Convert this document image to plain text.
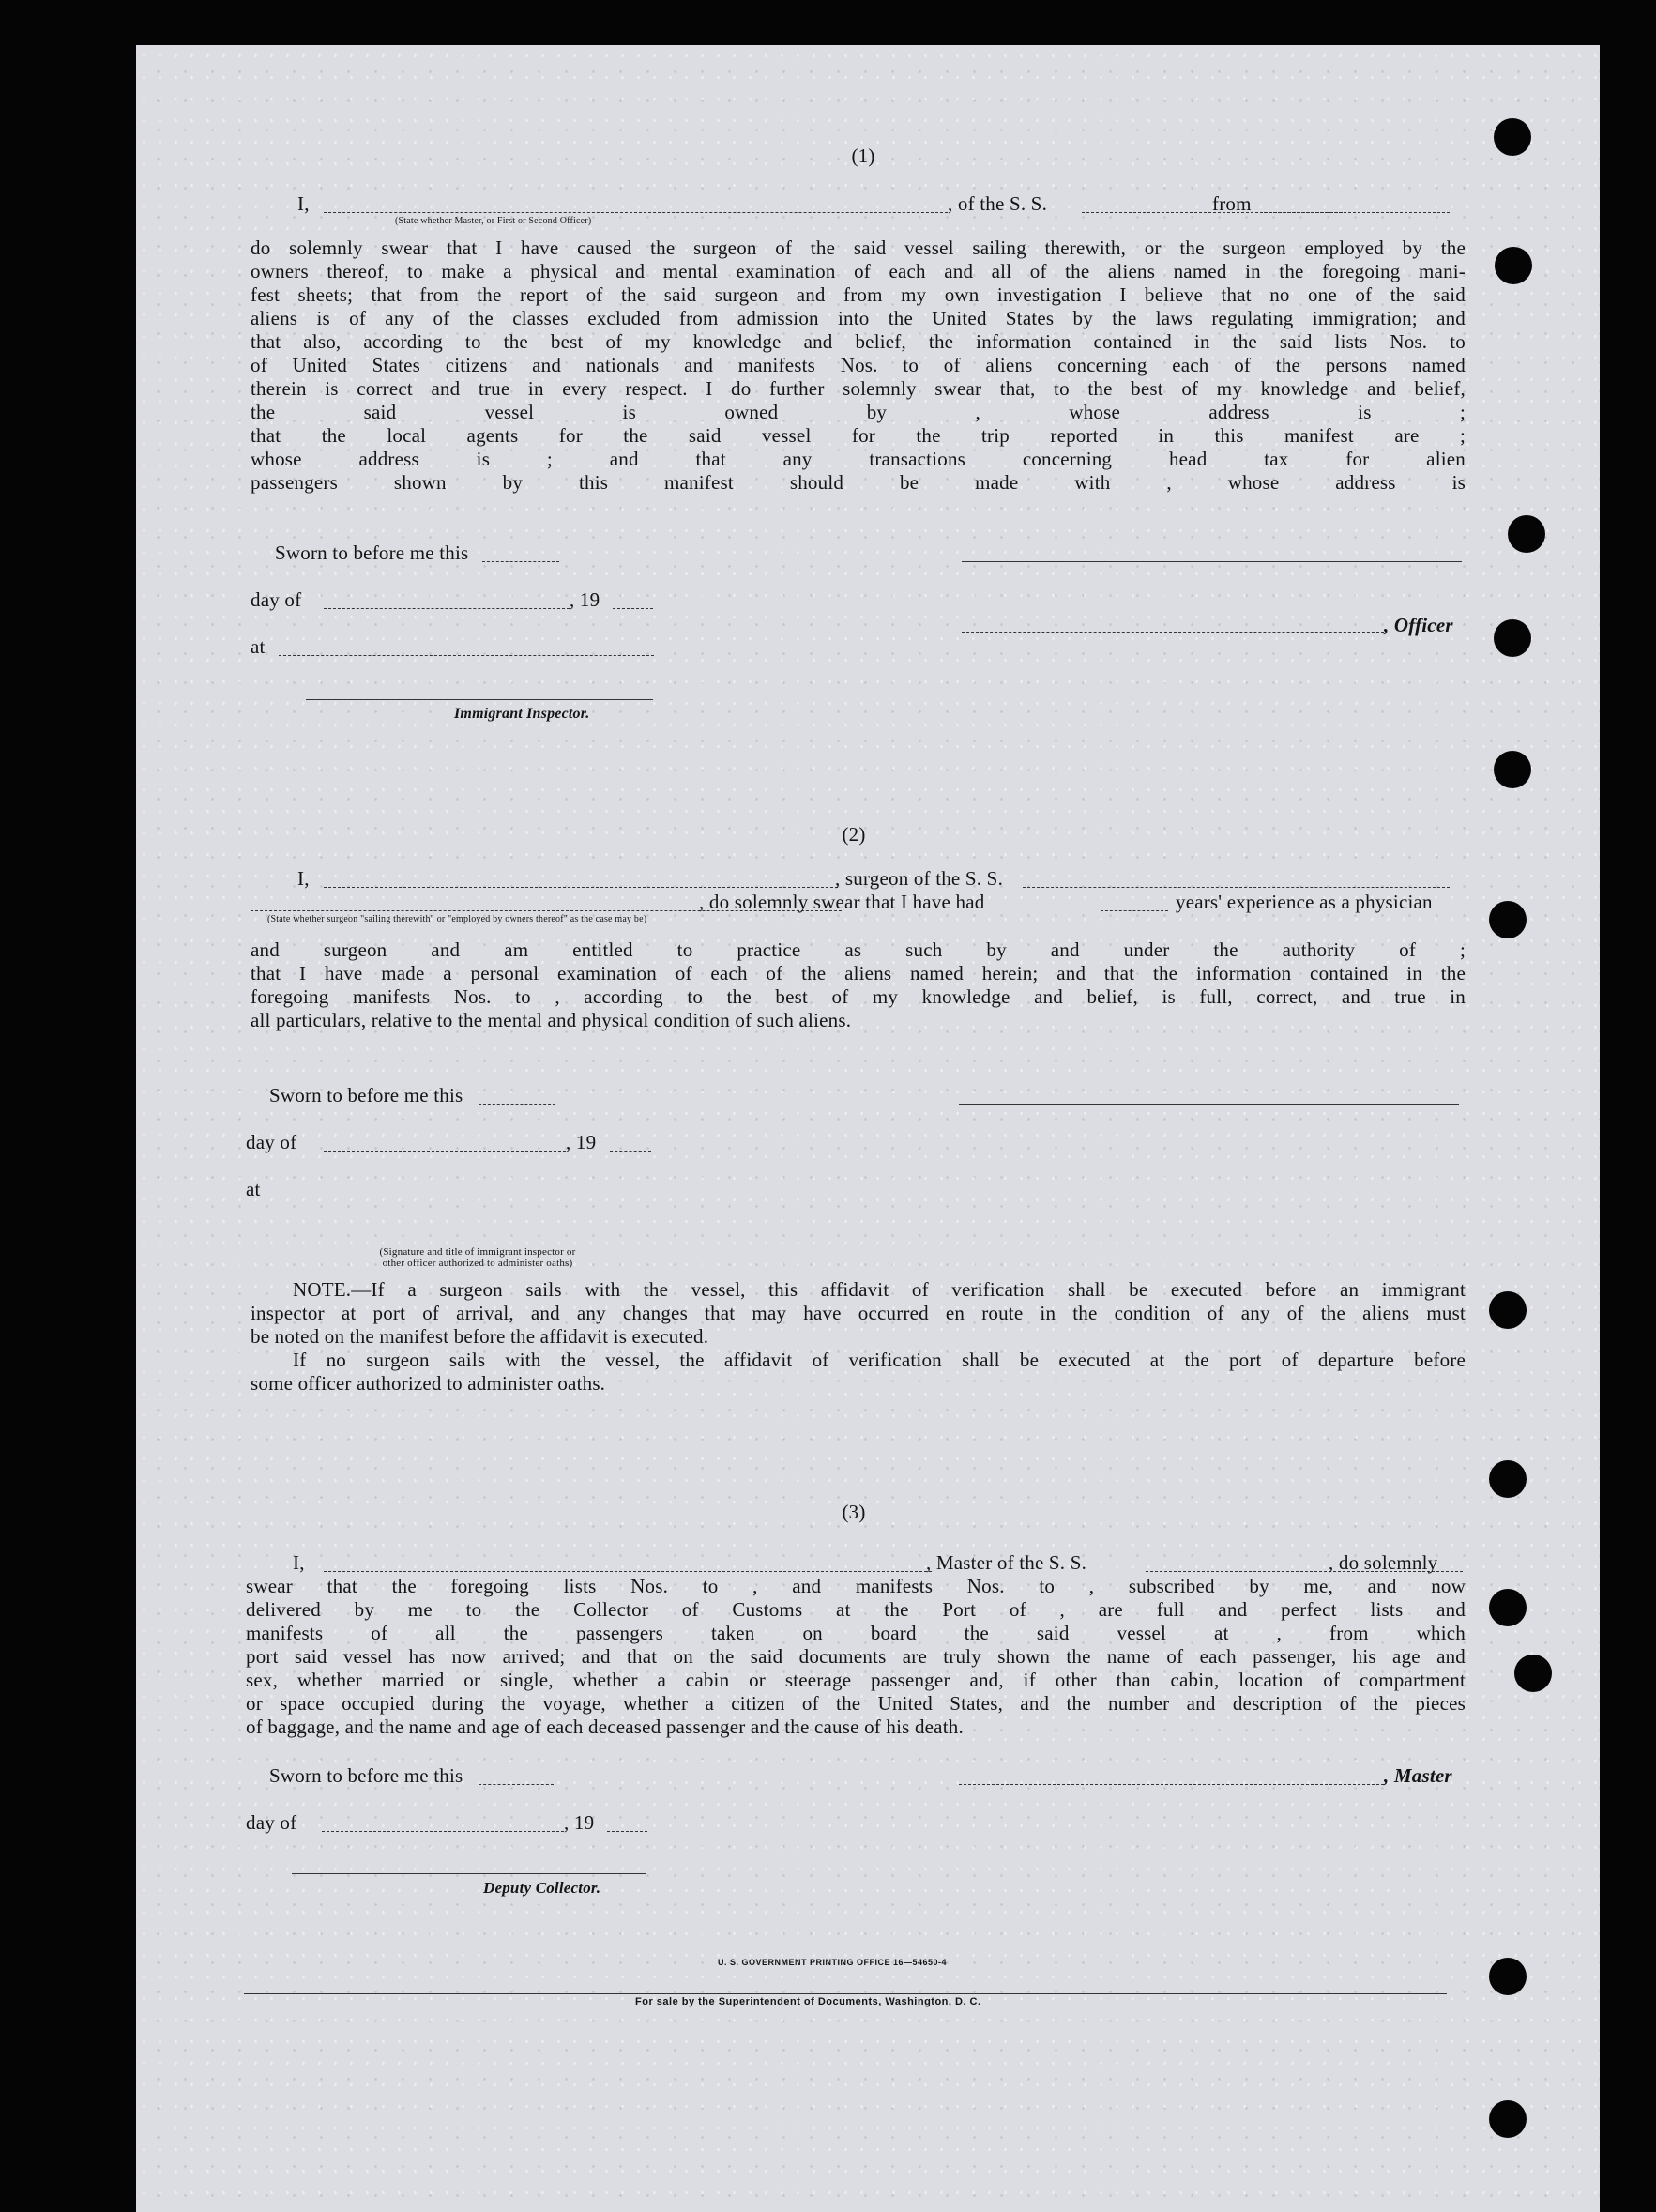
(1)
I,	, of the S. S.	from
(State whether Master, or First or Second Officer)
do solemnly swear that I have caused the surgeon of the said vessel sailing therewith, or the surgeon employed by the
owners thereof, to make a physical and mental examination of each and all of the aliens named in the foregoing mani-
fest sheets; that from the report of the said surgeon and from my own investigation I believe that no one of the said
aliens is of any of the classes excluded from admission into the United States by the laws regulating immigration; and
that also, according to the best of my knowledge and belief, the information contained in the said lists Nos. to
of United States citizens and nationals and manifests Nos. to of aliens concerning each of the persons named
therein is correct and true in every respect. I do further solemnly swear that, to the best of my knowledge and belief,
the said vessel is owned by , whose address is ;
that the local agents for the said vessel for the trip reported in this manifest are ;
whose address is ; and that any transactions concerning head tax for alien
passengers shown by this manifest should be made with , whose address is
Sworn to before me this
day of	, 19
, Officer
at
Immigrant Inspector.
(2)
I,	, surgeon of the S. S.
, do solemnly swear that I have had	years' experience as a physician
(State whether surgeon "sailing therewith" or "employed by owners thereof" as the case may be)
and surgeon and am entitled to practice as such by and under the authority of ;
that I have made a personal examination of each of the aliens named herein; and that the information contained in the
foregoing manifests Nos. to , according to the best of my knowledge and belief, is full, correct, and true in
all particulars, relative to the mental and physical condition of such aliens.
Sworn to before me this
day of	, 19
at
(Signature and title of immigrant inspector or
other officer authorized to administer oaths)
NOTE.—If a surgeon sails with the vessel, this affidavit of verification shall be executed before an immigrant
inspector at port of arrival, and any changes that may have occurred en route in the condition of any of the aliens must
be noted on the manifest before the affidavit is executed.
If no surgeon sails with the vessel, the affidavit of verification shall be executed at the port of departure before
some officer authorized to administer oaths.
(3)
I,	, Master of the S. S.	, do solemnly
swear that the foregoing lists Nos. to , and manifests Nos. to , subscribed by me, and now
delivered by me to the Collector of Customs at the Port of , are full and perfect lists and
manifests of all the passengers taken on board the said vessel at , from which
port said vessel has now arrived; and that on the said documents are truly shown the name of each passenger, his age and
sex, whether married or single, whether a cabin or steerage passenger and, if other than cabin, location of compartment
or space occupied during the voyage, whether a citizen of the United States, and the number and description of the pieces
of baggage, and the name and age of each deceased passenger and the cause of his death.
Sworn to before me this	, Master
day of	, 19
Deputy Collector.
U. S. GOVERNMENT PRINTING OFFICE 16—54650-4
For sale by the Superintendent of Documents, Washington, D. C.
